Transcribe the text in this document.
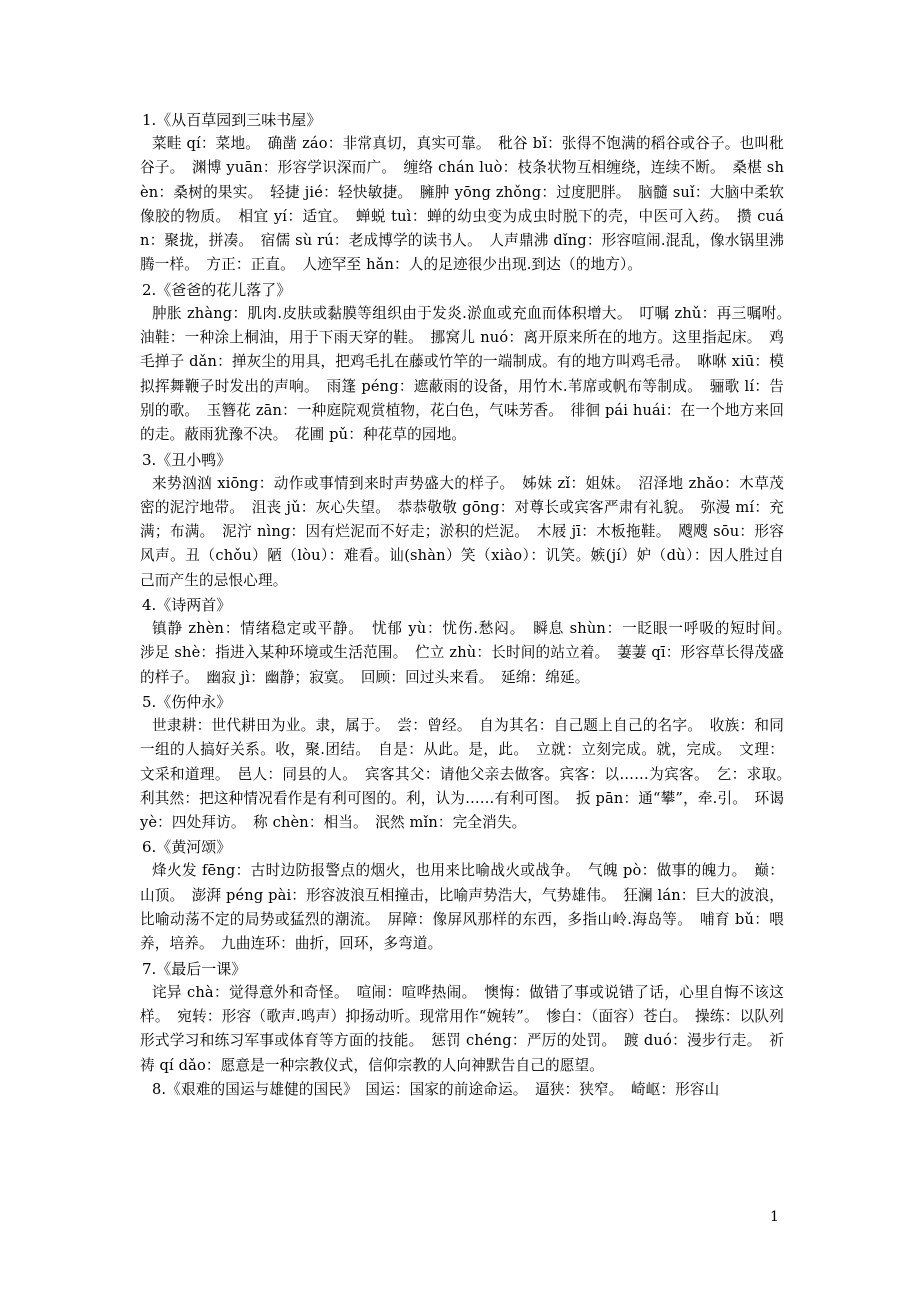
1.《从百草园到三味书屋》
菜畦 qí：菜地。　确凿 záo：非常真切，真实可靠。　秕谷 bǐ：张得不饱满的稻谷或谷子。也叫秕谷子。　渊博 yuān：形容学识深而广。　缠络 chán luò：枝条状物互相缠绕，连续不断。　桑椹 shèn：桑树的果实。　轻捷 jié：轻快敏捷。　臃肿 yōng zhǒng：过度肥胖。　脑髓 suǐ：大脑中柔软像胶的物质。　相宜 yí：适宜。　蝉蜕 tuì：蝉的幼虫变为成虫时脱下的壳，中医可入药。　攒 cuán：聚拢，拼凑。　宿儒 sù rú：老成博学的读书人。　人声鼎沸 dǐng：形容喧闹.混乱，像水锅里沸腾一样。　方正：正直。　人迹罕至 hǎn：人的足迹很少出现.到达（的地方）。
2.《爸爸的花儿落了》
肿胀 zhàng：肌肉.皮肤或黏膜等组织由于发炎.淤血或充血而体积增大。　叮嘱 zhǔ：再三嘱咐。　油鞋：一种涂上桐油，用于下雨天穿的鞋。　挪窝儿 nuó：离开原来所在的地方。这里指起床。　鸡毛掸子 dǎn：掸灰尘的用具，把鸡毛扎在藤或竹竿的一端制成。有的地方叫鸡毛帚。　咻咻 xiū：模拟挥舞鞭子时发出的声响。　雨篷 péng：遮蔽雨的设备，用竹木.苇席或帆布等制成。　骊歌 lí：告别的歌。　玉簪花 zān：一种庭院观赏植物，花白色，气味芳香。　徘徊 pái huái：在一个地方来回的走。蔽雨犹豫不决。　花圃 pǔ：种花草的园地。
3.《丑小鸭》
来势汹汹 xiōng：动作或事情到来时声势盛大的样子。　姊妹 zǐ：姐妹。　沼泽地 zhǎo：木草茂密的泥泞地带。　沮丧 jǔ：灰心失望。　恭恭敬敬 gōng：对尊长或宾客严肃有礼貌。　弥漫 mí：充满；布满。　泥泞 nìng：因有烂泥而不好走；淤积的烂泥。　木屐 jī：木板拖鞋。　飕飕 sōu：形容风声。丑（chǒu）陋（lòu）：难看。讪(shàn）笑（xiào）：讥笑。嫉(jí）妒（dù）：因人胜过自己而产生的忌恨心理。
4.《诗两首》
镇静 zhèn：情绪稳定或平静。　忧郁 yù：忧伤.愁闷。　瞬息 shùn：一眨眼一呼吸的短时间。　涉足 shè：指进入某种环境或生活范围。　伫立 zhù：长时间的站立着。　萋萋 qī：形容草长得茂盛的样子。　幽寂 jì：幽静；寂寞。　回顾：回过头来看。　延绵：绵延。
5.《伤仲永》
世隶耕：世代耕田为业。隶，属于。　尝：曾经。　自为其名：自己题上自己的名字。　收族：和同一组的人搞好关系。收，聚.团结。　自是：从此。是，此。　立就：立刻完成。就，完成。　文理：文采和道理。　邑人：同县的人。　宾客其父：请他父亲去做客。宾客：以……为宾客。　乞：求取。　利其然：把这种情况看作是有利可图的。利，认为……有利可图。　扳 pān：通“攀”，牵.引。　环谒 yè：四处拜访。　称 chèn：相当。　泯然 mǐn：完全消失。
6.《黄河颂》
烽火发 fēng：古时边防报警点的烟火，也用来比喻战火或战争。　气魄 pò：做事的魄力。　巅：山顶。　澎湃 péng pài：形容波浪互相撞击，比喻声势浩大，气势雄伟。　狂澜 lán：巨大的波浪，比喻动荡不定的局势或猛烈的潮流。　屏障：像屏风那样的东西，多指山岭.海岛等。　哺育 bǔ：喂养，培养。　九曲连环：曲折，回环，多弯道。
7.《最后一课》
诧异 chà：觉得意外和奇怪。　喧闹：喧哗热闹。　懊悔：做错了事或说错了话，心里自悔不该这样。　宛转：形容（歌声.鸣声）抑扬动听。现常用作“婉转”。　惨白：（面容）苍白。　操练：以队列形式学习和练习军事或体育等方面的技能。　惩罚 chéng：严厉的处罚。　踱 duó：漫步行走。　祈祷 qí dǎo：愿意是一种宗教仪式，信仰宗教的人向神默告自己的愿望。
8.《艰难的国运与雄健的国民》　国运：国家的前途命运。　逼狭：狭窄。　崎岖：形容山
1
